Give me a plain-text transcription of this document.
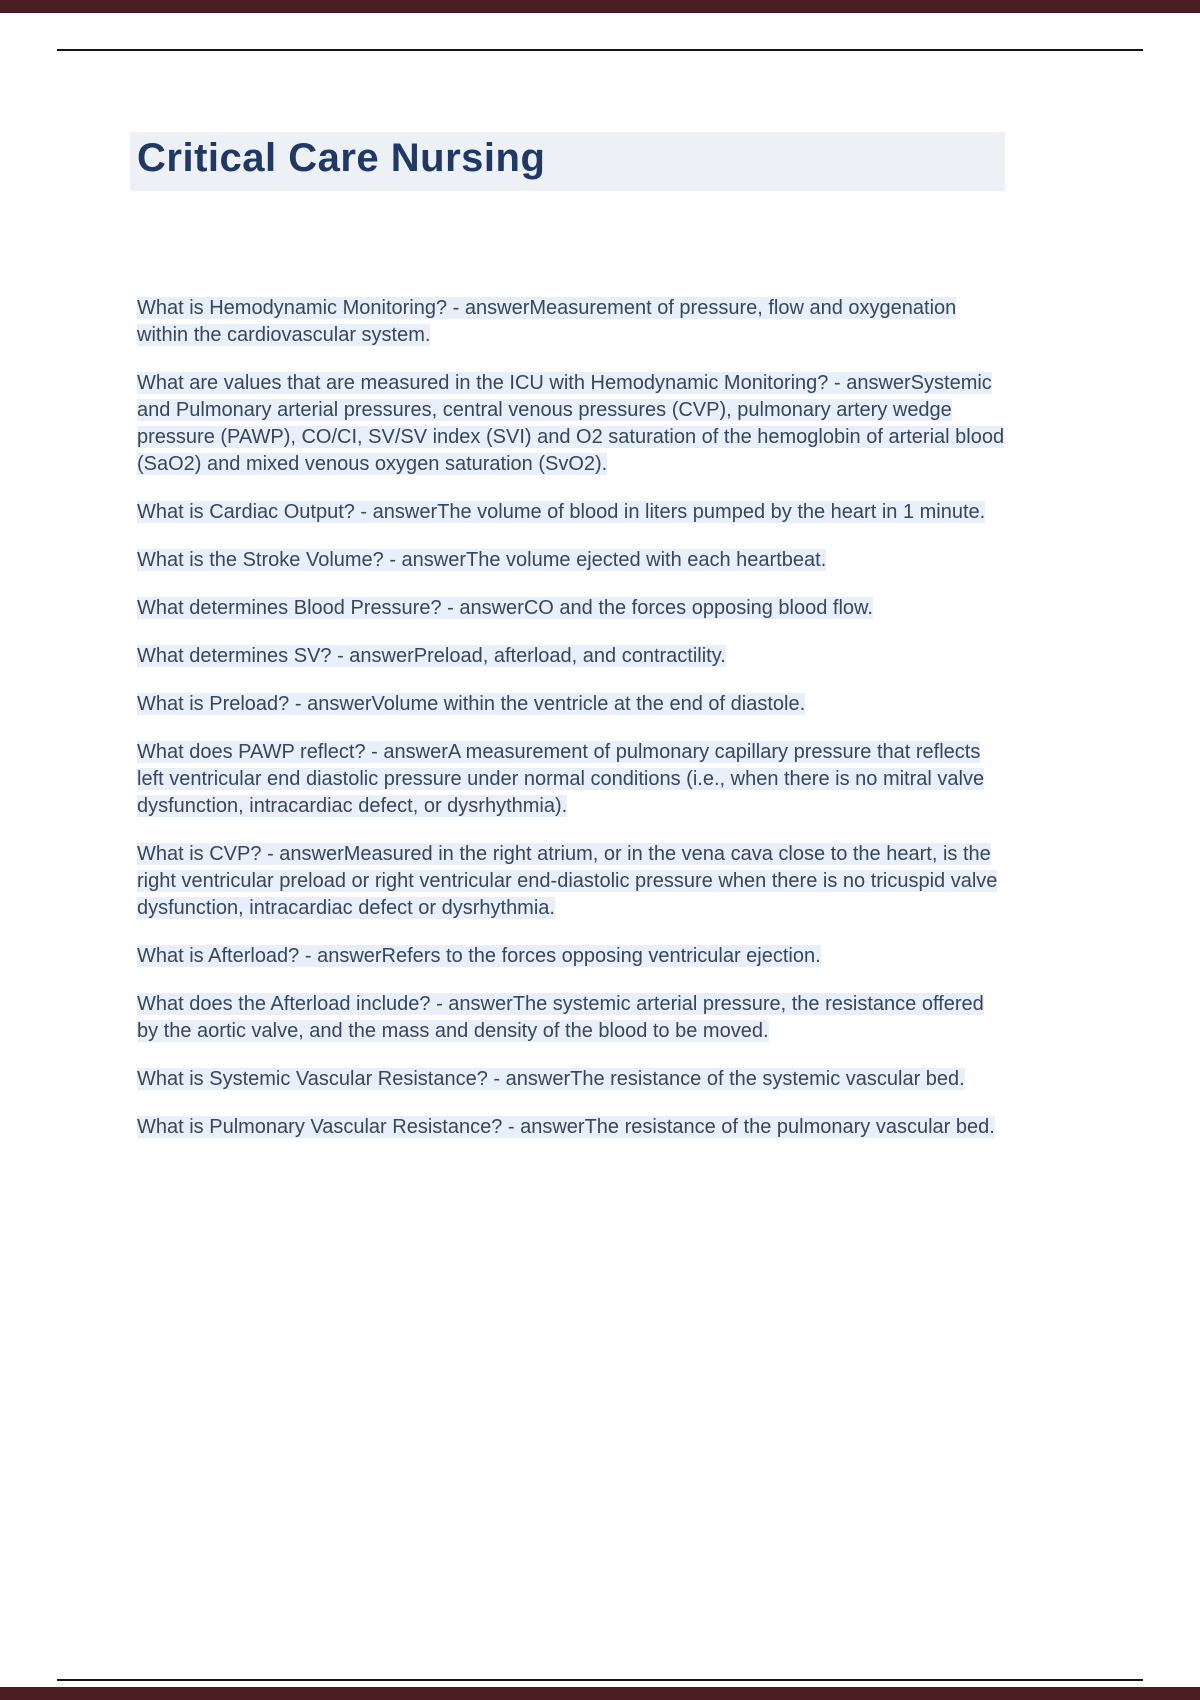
Critical Care Nursing

What is Hemodynamic Monitoring? - answerMeasurement of pressure, flow and oxygenation within the cardiovascular system.

What are values that are measured in the ICU with Hemodynamic Monitoring? - answerSystemic and Pulmonary arterial pressures, central venous pressures (CVP), pulmonary artery wedge pressure (PAWP), CO/CI, SV/SV index (SVI) and O2 saturation of the hemoglobin of arterial blood (SaO2) and mixed venous oxygen saturation (SvO2).

What is Cardiac Output? - answerThe volume of blood in liters pumped by the heart in 1 minute.

What is the Stroke Volume? - answerThe volume ejected with each heartbeat.

What determines Blood Pressure? - answerCO and the forces opposing blood flow.

What determines SV? - answerPreload, afterload, and contractility.

What is Preload? - answerVolume within the ventricle at the end of diastole.

What does PAWP reflect? - answerA measurement of pulmonary capillary pressure that reflects left ventricular end diastolic pressure under normal conditions (i.e., when there is no mitral valve dysfunction, intracardiac defect, or dysrhythmia).

What is CVP? - answerMeasured in the right atrium, or in the vena cava close to the heart, is the right ventricular preload or right ventricular end-diastolic pressure when there is no tricuspid valve dysfunction, intracardiac defect or dysrhythmia.

What is Afterload? - answerRefers to the forces opposing ventricular ejection.

What does the Afterload include? - answerThe systemic arterial pressure, the resistance offered by the aortic valve, and the mass and density of the blood to be moved.

What is Systemic Vascular Resistance? - answerThe resistance of the systemic vascular bed.

What is Pulmonary Vascular Resistance? - answerThe resistance of the pulmonary vascular bed.
